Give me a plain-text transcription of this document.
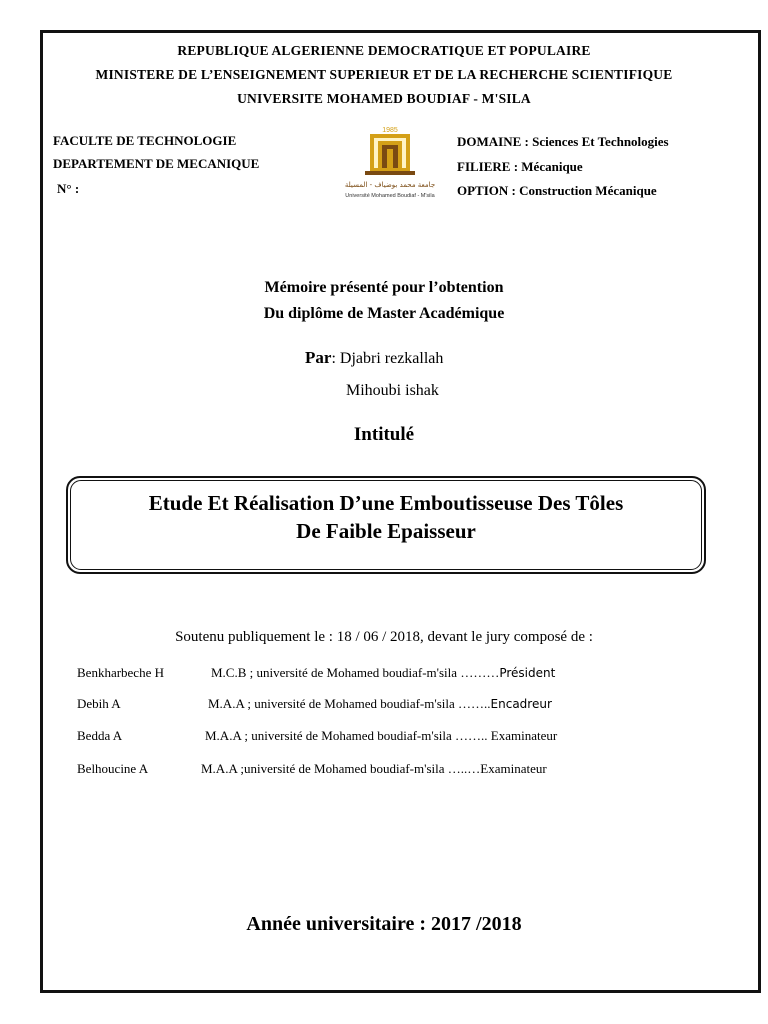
REPUBLIQUE ALGERIENNE DEMOCRATIQUE ET POPULAIRE
MINISTERE DE L’ENSEIGNEMENT SUPERIEUR ET DE LA RECHERCHE SCIENTIFIQUE
UNIVERSITE MOHAMED BOUDIAF - M'SILA
FACULTE DE TECHNOLOGIE
DEPARTEMENT DE MECANIQUE
N° :
1985
جامعة محمد بوضياف - المسيلة
Université Mohamed Boudiaf - M'sila
DOMAINE : Sciences Et Technologies
FILIERE : Mécanique
OPTION : Construction Mécanique
Mémoire présenté pour l’obtention
Du diplôme de Master Académique
Par: Djabri rezkallah
Mihoubi ishak
Intitulé
Etude Et Réalisation D’une Emboutisseuse Des Tôles
De Faible Epaisseur
Soutenu publiquement le : 18 / 06 / 2018, devant le jury composé de :
Benkharbeche H	M.C.B ; université de Mohamed boudiaf-m'sila ………Président
Debih A	M.A.A ; université de Mohamed boudiaf-m'sila ……..Encadreur
Bedda A	M.A.A ; université de Mohamed boudiaf-m'sila …….. Examinateur
Belhoucine A	M.A.A ;université de Mohamed boudiaf-m'sila …..…Examinateur
Année universitaire : 2017 /2018
